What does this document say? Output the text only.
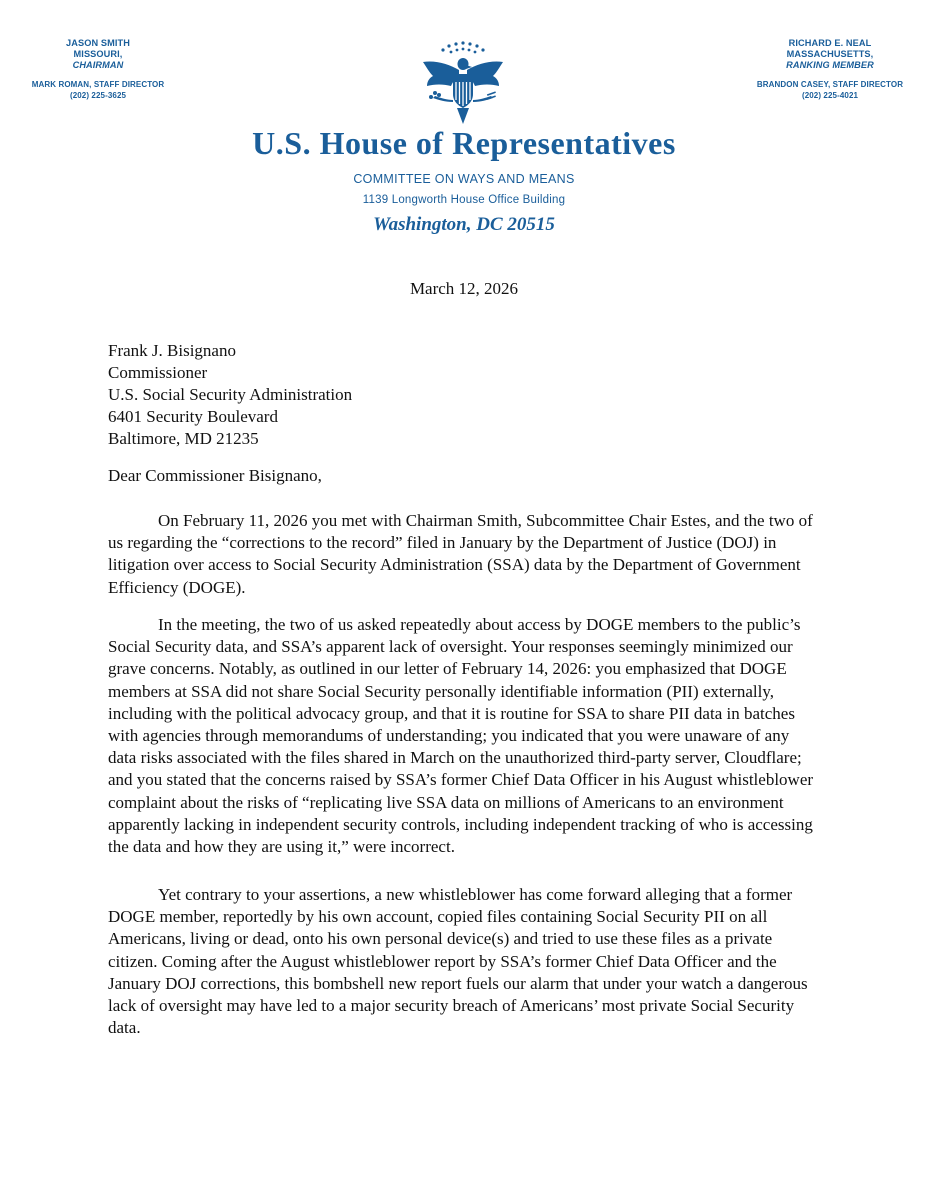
JASON SMITH
MISSOURI,
CHAIRMAN
MARK ROMAN, STAFF DIRECTOR
(202) 225-3625
RICHARD E. NEAL
MASSACHUSETTS,
RANKING MEMBER
BRANDON CASEY, STAFF DIRECTOR
(202) 225-4021
U.S. House of Representatives
COMMITTEE ON WAYS AND MEANS
1139 Longworth House Office Building
Washington, DC 20515
March 12, 2026
Frank J. Bisignano
Commissioner
U.S. Social Security Administration
6401 Security Boulevard
Baltimore, MD 21235
Dear Commissioner Bisignano,

On February 11, 2026 you met with Chairman Smith, Subcommittee Chair Estes, and the two of us regarding the “corrections to the record” filed in January by the Department of Justice (DOJ) in litigation over access to Social Security Administration (SSA) data by the Department of Government Efficiency (DOGE).

In the meeting, the two of us asked repeatedly about access by DOGE members to the public’s Social Security data, and SSA’s apparent lack of oversight. Your responses seemingly minimized our grave concerns. Notably, as outlined in our letter of February 14, 2026: you emphasized that DOGE members at SSA did not share Social Security personally identifiable information (PII) externally, including with the political advocacy group, and that it is routine for SSA to share PII data in batches with agencies through memorandums of understanding; you indicated that you were unaware of any data risks associated with the files shared in March on the unauthorized third-party server, Cloudflare; and you stated that the concerns raised by SSA’s former Chief Data Officer in his August whistleblower complaint about the risks of “replicating live SSA data on millions of Americans to an environment apparently lacking in independent security controls, including independent tracking of who is accessing the data and how they are using it,” were incorrect.

Yet contrary to your assertions, a new whistleblower has come forward alleging that a former DOGE member, reportedly by his own account, copied files containing Social Security PII on all Americans, living or dead, onto his own personal device(s) and tried to use these files as a private citizen. Coming after the August whistleblower report by SSA’s former Chief Data Officer and the January DOJ corrections, this bombshell new report fuels our alarm that under your watch a dangerous lack of oversight may have led to a major security breach of Americans’ most private Social Security data.
